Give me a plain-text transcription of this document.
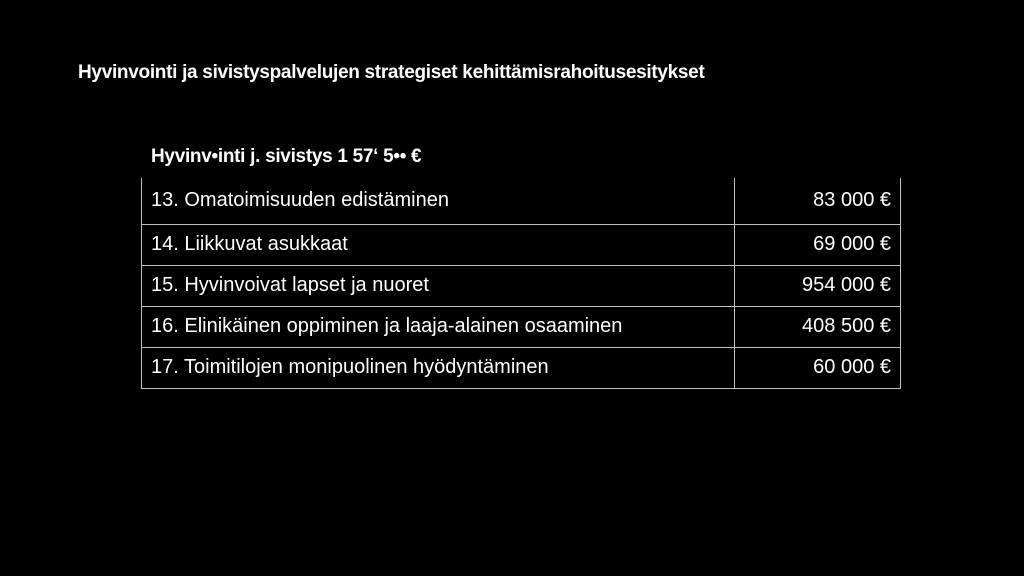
Hyvinvointi ja sivistyspalvelujen strategiset kehittämisrahoitusesitykset
Hyvinv•inti j. sivistys 1 57‘ 5•• €
13. Omatoimisuuden edistäminen	83 000 €
14. Liikkuvat asukkaat	69 000 €
15. Hyvinvoivat lapset ja nuoret	954 000 €
16. Elinikäinen oppiminen ja laaja-alainen osaaminen	408 500 €
17. Toimitilojen monipuolinen hyödyntäminen	60 000 €
